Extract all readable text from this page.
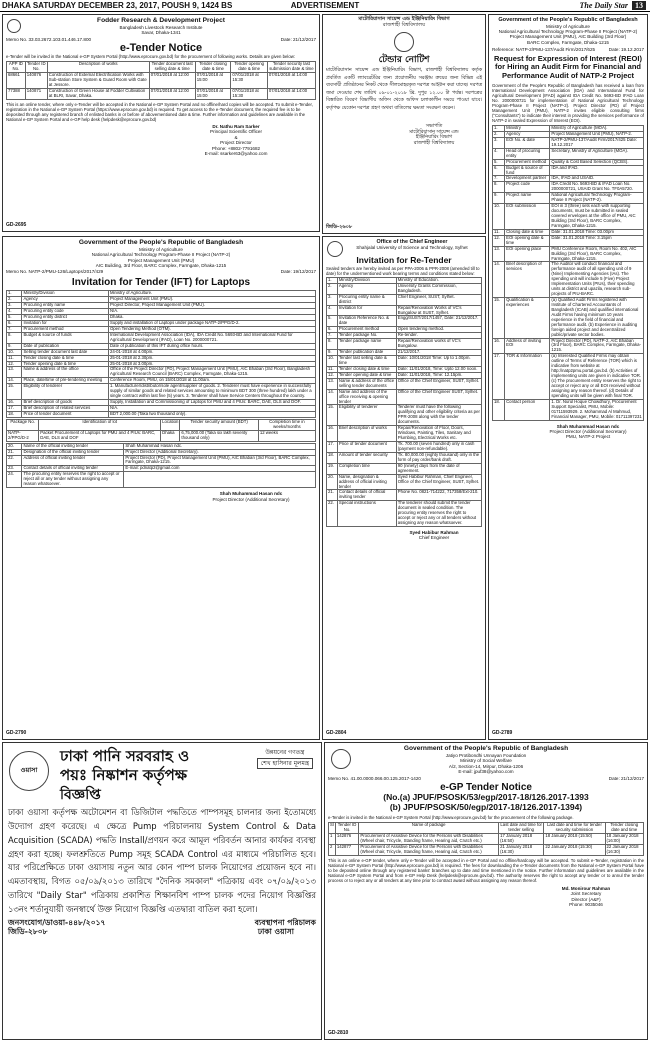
DHAKA SATURDAY DECEMBER 23, 2017, POUSH 9, 1424 BS	ADVERTISEMENT	The Daily Star 13
Fodder Research & Development Project
Bangladesh Livestock Research Institute
Savar, Dhaka-1341
Memo No. 33.03.2672.103.01.446.17.800	Date: 21/12/2017
e-Tender Notice
e-Tender will be invited in the National e-GP System Portal (http://www.eprocure.gov.bd) for the procurement of following works. Details are given below:
APP ID No.	Tender ID No.	Description of works	Tender document last selling date & time	Tender closing date & time	Tender opening date & time	Tender security last submission date & time
68661	140876	Construction of External Electrification Works with Sub-station Store System & Guard Room with Gate at Jessore.	07/01/2018 at 12:00	07/01/2018 at 15:00	07/01/2018 at 15:30	07/01/2018 at 14:00
77388	140871	Construction of Green House at Fodder Cultivation at BLRI, Savar, Dhaka.	07/01/2018 at 12:00	07/01/2018 at 15:00	07/01/2018 at 15:30	07/01/2018 at 14:00
This is an online tender, where only e-Tender will be accepted in the National e-GP System Portal and no offline/hard copies will be accepted. To submit e-Tender, registration in the National e-GP System Portal (https://www.eprocure.gov.bd) is required. To get access to the e-Tender document, the required fee is to be deposited through any registered branch of enlisted banks in or before of abovementioned date & time. Further information and guidelines are available in the National e-GP System Portal and e-GP help desk (helpdesk@eprocure.gov.bd)
Dr. Nathu Ram Sarker
Principal Scientific Officer
&
Project Director
Phone: +8802-7791682
E-mail: ssarker63@yahoo.com
GD-2695
মাটোরিয়াসান সায়েন্স এন্ড ইঞ্জিনিয়ারিং বিভাগ
রাজশাহী বিশ্ববিদ্যালয়
টেন্ডার নোটিশ
মাটোরিয়াসান সায়েন্স এন্ড ইঞ্জিনিয়ারিং বিভাগ, রাজশাহী বিশ্ববিদ্যালয় কর্তৃক প্রবর্তিত একটি ল্যাবরেটরির জন্য প্রয়োজনীয় সরঞ্জাম ক্রয়ের জন্য বিভিন্ন এই ব্যবসায়ী প্রতিষ্ঠানের নিকট থেকে সীলমোহরকৃত দরপত্র আহ্বান করা যাচ্ছে। দরপত্র জমা দেওয়ার শেষ তারিখ ০৯-০১-২০১৮ খ্রি. দুপুর ১২.০০ টা পর্যন্ত। দরপত্রের বিস্তারিত বিবরণ বিভাগীয় অফিস থেকে অফিস চলাকালীন সময়ে পাওয়া যাবে। কর্তৃপক্ষ যেকোন দরপত্র গ্রহণ অথবা বাতিলের ক্ষমতা সংরক্ষণ করেন।
সভাপতি
মাটোরিয়াসান সায়েন্স এন্ড
ইঞ্জিনিয়ারিং বিভাগ
রাজশাহী বিশ্ববিদ্যালয়
জিডি-২৬০৮
Government of the People's Republic of Bangladesh
Ministry of Agriculture
National Agricultural Technology Program-Phase II Project (NATP-2)
Project Management Unit (PMU), AIC Building (3rd Floor)
BARC Complex, Farmgate, Dhaka-1215
Reference: NATP-2/PMU-137/Audit Firm/2017/625	Date: 19.12.2017
Request for Expression of Interest (REOI) for Hiring an Audit Firm for Financial and Performance Audit of NATP-2 Project
Government of the People's Republic of Bangladesh has received a loan from International Development Association (IDA) and International Fund for Agricultural Development (IFAD) against IDA Credit No. 5693-BD IFAD Loan No. 2000000721 for implementation of National Agricultural Technology Program-Phase II Project (NATP-2). Project Director (PD) of Project Management Unit (PMU), NATP-2 invites eligible consulting firms ("Consultants") to indicate their interest in providing the services performance of NATP-2 in sealed Expression of Interest (EOI).
1.	Ministry	Ministry of Agriculture (MOA).
2.	Agency	Project Management Unit (PMU), NATP-2.
3.	EOI No. & date	NATP-2/PMU-137/Audit Firm/2017/425 Date: 19.12.2017
4.	Head of procuring entity	Secretary, Ministry of Agriculture (MOA).
5.	Procurement method	Quality & Cost Based Selection (QCBS).
6.	Budget & source of fund	IDA and IFAD.
7.	Development partner	IDA, IFAD and USAID.
8.	Project code	IDA Credit No. 5693-BD & IFAD Loan No. 2000000721, USAID Grant No. TF0A5720.
9.	Project name	National Agricultural Technology Program-Phase II Project (NATP-2).
10.	EOI submission	EOI in 3 (three) sets each with supporting documents, must be submitted in sealed covered envelopes at the office of PMU, AIC Building (3rd Floor), BARC Complex, Farmgate, Dhaka-1215.
11.	Closing date & time	Date: 31.01.2018 Time: 03.00pm
12.	EOI opening date & time	Date: 31.01.2018 Time: 3.15pm
13.	EOI opening place	PMU Conference Room, Room No. 402, AIC Building (3rd Floor), BARC Complex, Farmgate, Dhaka-1215.
14.	Brief description of services	The Auditor will conduct financial and performance audit of all spending unit of 9 (Nine) Implementing Agencies (IAs). The spending unit will include 5 (Five) Project Implementation Units (PIUs), their spending units at district and upazila, research sub-projects of PIU-BARC.
15.	Qualification & experiences	(a) Qualified Audit Firms registered with Institute of Chartered Accountants of Bangladesh (ICAB) and qualified international Audit Firms having minimum 10 years experience in the field of financial and performance audit. (b) Experience in auditing foreign aided project and decentralized public/private sector bodies.
16.	Address of inviting EOI	Project Director (PD), NATP-2, AIC Bhaban (3rd Floor), BARC Complex, Farmgate, Dhaka-1215.
17.	TOR & Information	(a) Interested Qualified Firms may obtain outline of Terms of Reference (TOR) which is indicative from website at http://natp2pmu.portal.gov.bd. (b) Activities of implementing units are given in indicative TOR. (c) The procurement entity reserves the right to accept or reject any or all EOI received without assigning any reason thereof. (d) Details of spending units will be given with final TOR.
18.	Contact person	1. Dr. Nurul Hoque Chowdhury, Procurement Support Specialist, PMU, Mobile: 01711593929. 2. Mohammad Al Mahmud, Financial Manager, PMU, Mobile: 01711397231
Shah Muhammad Hasan ndc
Project Director (Additional Secretary)
PMU, NATP-2 Project
GD-2789
Government of the People's Republic of Bangladesh
Ministry of Agriculture
National Agricultural Technology Program-Phase II Project (NATP-2)
Project Management Unit (PMU)
AIC Building, 3rd Floor, BARC Complex, Farmgate, Dhaka-1215
Memo No. NATP-2/PMU-126/Laptops/2017/429	Date: 19/12/2017
Invitation for Tender (IFT) for Laptops
1.	Ministry/Division	Ministry of Agriculture.
2.	Agency	Project Management Unit (PMU).
3.	Procuring entity name	Project Director, Project Management Unit (PMU).
4.	Procuring entity code	N/A.
5.	Procuring entity district	Dhaka.
6.	Invitation for	Supply and installation of Laptops under package NATP-2/PPG/D-2.
7.	Procurement method	Open Tendering Method (OTM).
8.	Budget & source of funds	International Development Association (IDA), IDA Credit No. 5693-BD and International Fund for Agricultural Development (IFAD), Loan No. 2000000721.
9.	Date of publication	Date of publication of this IFT during office hours.
10.	Selling tender document last date	24-01-2018 at 4.00pm.
11.	Tender closing date & time	25-01-2018 at 2.30pm.
12.	Tender opening date & time	25-01-2018 at 3.00pm.
13.	Name & address of the office	Office of the Project Director (PD), Project Management Unit (PMU), AIC Bhaban (3rd Floor), Bangladesh Agricultural Research Council (BARC) Complex, Farmgate, Dhaka-1215.
14.	Place, date/time of pre-tendering meeting	Conference Room, PMU, on 15/01/2018 at 11.00am.
15.	Eligibility of tenderer	1. Manufacturer/distributor/sole agent/supplier of goods. 2. Tenderer must have experience in successfully supply of similar goods and related services amounting to minimum BDT 300 (three hundred) lakh under a single contract within last five (5) years. 3. Tenderer shall have Service Centers throughout the country.
16.	Brief description of goods	Supply, Installation and Commissioning of Laptops for PMU and 4 PIUs: BARC, DAE, DLS and DOF.
17.	Brief description of related services	N/A.
18.	Price of tender document	BDT 2,000.00 (Taka two thousand only).
Package No.	Identification of lot	Location	Tender security amount (BDT)	Completion time in weeks/months
NATP-2/PPG/D-2	Packet Procurement of Laptops for PMU and 4 PIUs: BARC, DAE, DLS and DOF	Dhaka	6,75,000.00 (Taka six lakh seventy thousand only)	12 weeks
20.	Name of the official inviting tender	Shah Muhammad Hasan ndc.
21.	Designation of the official inviting tender	Project Director (Additional Secretary).
22.	Address of official inviting tender	Project Director (PD), Project Management Unit (PMU), AIC Bhaban (3rd Floor), BARC Complex, Farmgate, Dhaka-1215.
23.	Contact details of official inviting tender	E-mail: pdnatp2@gmail.com
24.	The procuring entity reserves the right to accept or reject all or any tender without assigning any reason whatsoever.	
Shah Muhammad Hasan ndc
Project Director (Additional Secretary)
GD-2790
Office of the Chief Engineer
Shahjalal University of Science and Technology, Sylhet
Invitation for Re-Tender
Sealed tenders are hereby invited as per PPA-2006 & PPR-2008 (amended till to date) for the undermentioned work bearing terms and conditions stated below:
1.	Ministry/Division	Ministry of Education.
2.	Agency	University Grants Commission, Bangladesh.
3.	Procuring entity name & district	Chief Engineer, SUST, Sylhet.
4.	Invitation for	Repair/Renovation Works of VC's Bungalow at SUST, Sylhet.
5.	Invitation Reference No. & date	Engg/SUST/2017/1457, Date: 21/12/2017.
6.	Procurement method	Open tendering method.
7.	Tender package No.	Re-tender.
8.	Tender package name	Repair/Renovation works of VC's Bungalow.
9.	Tender publication date	21/12/2017.
10.	Tender last selling date & time	Date: 10/01/2018 Time: Up to 1.00pm.
11.	Tender closing date & time	Date: 11/01/2018, Time: Upto 12.00 noon.
12.	Tender opening date & time	Date: 11/01/2018, Time: 12.15pm.
13.	Name & address of the office selling tender documents	Office of the Chief Engineer, SUST, Sylhet.
14.	Name and address of the office receiving & opening tender	Office of the Chief Engineer SUST, Sylhet.
15.	Eligibility of tenderer	Tenderer must have the following qualifying and other eligibility criteria as per PPR-2008 along with the tender documents.
16.	Brief description of works	Repair/Renovation of Floor, Doors, Windows, Painting, Tiles, Sanitary and Plumbing, Electrical Works etc.
17.	Price of tender document	Tk. 700.00 (seven hundred) only in cash (payment non-refundable).
18.	Amount of tender security	Tk. 80,000.00 (eighty thousand) only in the form of pay order/bank draft.
19.	Completion time	90 (ninety) days from the date of agreement.
20.	Name, designation & address of official inviting tender	Syed Habibur Rahman, Chief Engineer, Office of the Chief Engineer, SUST, Sylhet.
21.	Contact details of official inviting tender	Phone No. 0821-714222, 717358/Ext-210.
22.	Special instructions	The tenderer should submit the tender document in sealed condition. The procuring entity reserves the right to accept or reject any or all tenders without assigning any reason whatsoever.
Syed Habibur Rahman
Chief Engineer
GD-2804
ওয়াসা
ঢাকা পানি সরবরাহ ও
পয়ঃ নিষ্কাশন কর্তৃপক্ষ
উন্নয়নের গণতন্ত্র
শেখ হাসিনার মূলমন্ত্র
বিজ্ঞপ্তি
ঢাকা ওয়াসা কর্তৃপক্ষ অটোমেশন বা ডিজিটাল পদ্ধতিতে পাম্পসমূহ চালনার জন্য ইতোমধ্যে উদ্যোগ গ্রহণ করেছে। এ ক্ষেত্রে Pump পরিচালনায় System Control & Data Acquisition (SCADA) পদ্ধতি Install/প্রণয়ন করে আমূল পরিবর্তন আনার কার্যকর ব্যবস্থা গ্রহণ করা হচ্ছে। ফলশ্রুতিতে Pump সমূহ SCADA Control এর মাধ্যমে পরিচালিত হবে। যার পরিপ্রেক্ষিতে ঢাকা ওয়াসায় নতুন আর কোন পাম্প চালক নিয়োগের প্রয়োজন হবে না। এমতাবস্থায়, বিগত ০৫/০৯/২০১৩ তারিখে "দৈনিক সমকাল" পত্রিকায় এবং ০৭/০৯/২০১৩ তারিখে "Daily Star" পত্রিকায় প্রকাশিত শিক্ষানবিশ পাম্প চালক পদের নিয়োগ বিজ্ঞপ্তির ১৩নং শর্তানুযায়ী জনস্বার্থে উক্ত নিয়োগ বিজ্ঞপ্তি এতদ্বারা বাতিল করা হলো।
জনসংযোগ/ডাওয়া-৪৪৮/২০১৭	ব্যবস্থাপনা পরিচালক
জিডি-২৮০৮	ঢাকা ওয়াসা
Government of the People's Republic of Bangladesh
Jatiyo Protibondhi Unnayan Foundation
Ministry of Social Welfare
A/2, Section-14, Mirpur, Dhaka-1206
E-mail: jpuf38@yahoo.com
Memo No. 41.00.0000.066.00.125.2017-1420	Date: 21/12/2017
e-GP Tender Notice
(No.(a) JPUF/PSOSK/53/egp/2017-18/126.2017-1393
(b) JPUF/PSOSK/50/egp/2017-18/126.2017-1394)
e-Tender is invited in the National e-GP System Portal (http://www.eprocure.gov.bd) for the procurement of the following package.
Sl	Tender ID No.	Name of package	Last date and time for tender selling	Last date and time for tender security submission	Tender closing date and time
1	142876	Procurement of Assistive Device for the Persons with Disabilities (Wheel chair, Tricycle, Standing frame, Hearing aid, Crutch etc.)	17 January 2018 (16:50)	18 January 2018 (15:50)	18 January 2018 (16:00)
2	142877	Procurement of Assistive Device for the Persons with Disabilities (Wheel chair, Tricycle, Standing frame, Hearing aid, Crutch etc.)	21 January 2018 (16:30)	22 January 2018 (15:30)	22 January 2018 (16:30)
This is an online e-GP tender, where only e-Tender will be accepted in e-GP Portal and no offline/hardcopy will be accepted. To submit e-Tender, registration in the National e-GP System Portal (http://www.eprocure.gov.bd) is required. The fees for downloading the e-Tender documents from the National e-GP System Portal have to be deposited online through any registered banks' branches up to date and time mentioned in the notice. Further information and guidelines are available in the National e-GP System Portal and from e-GP Help Desk (helpdesk@eprocure.gov.bd). The authority reserves the right to accept any tender or to annul the tender process or to reject any or all tenders at any time prior to contract award without assigning any reason thereof.
Md. Monirour Rahman
Joint Secretary
Director (A&F)
Phone: 9035046
GD-2810
